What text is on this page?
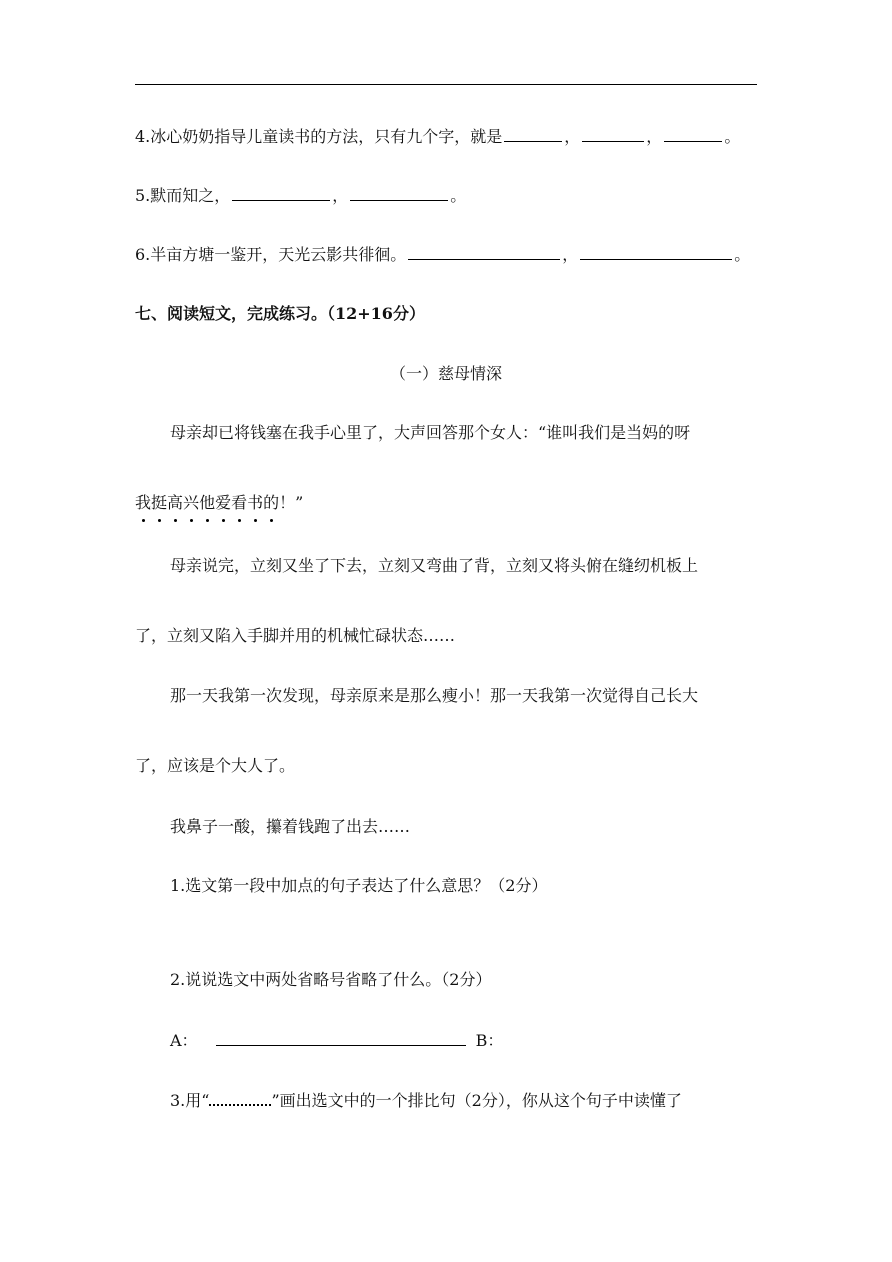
4.冰心奶奶指导儿童读书的方法，只有九个字，就是	，	，	。
5.默而知之，	，	。
6.半亩方塘一鉴开，天光云影共徘徊。	，	。
七、阅读短文，完成练习。（12+16分）
（一）慈母情深
母亲却已将钱塞在我手心里了，大声回答那个女人：“谁叫我们是当妈的呀
我挺高兴他爱看书的！”
母亲说完，立刻又坐了下去，立刻又弯曲了背，立刻又将头俯在缝纫机板上
了，立刻又陷入手脚并用的机械忙碌状态……
那一天我第一次发现，母亲原来是那么瘦小！那一天我第一次觉得自己长大
了，应该是个大人了。
我鼻子一酸，攥着钱跑了出去……
1.选文第一段中加点的句子表达了什么意思？（2分）
2.说说选文中两处省略号省略了什么。（2分）
A：	B：
3.用“	”画出选文中的一个排比句（2分），你从这个句子中读懂了
